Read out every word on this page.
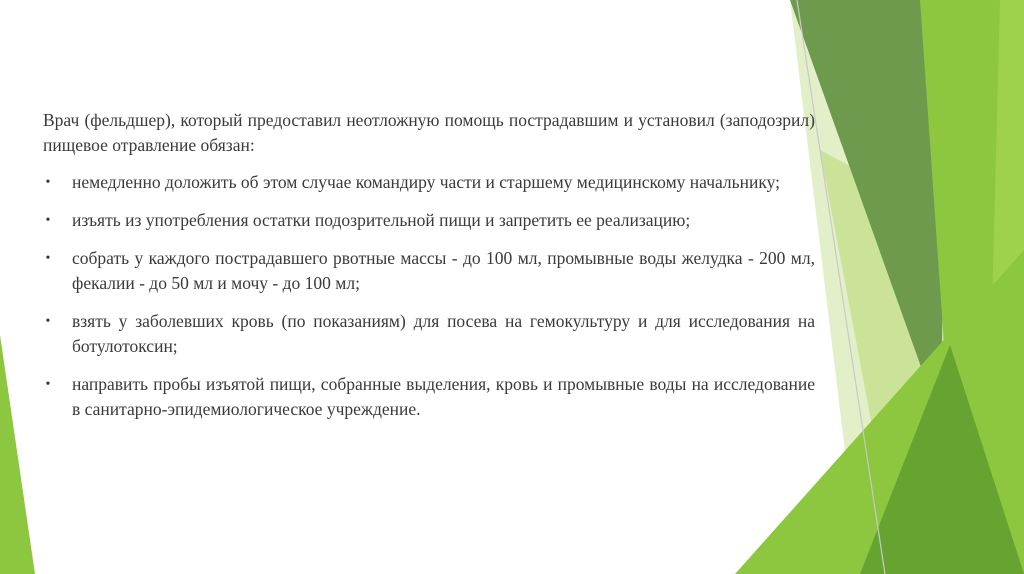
Врач (фельдшер), который предоставил неотложную помощь пострадавшим и установил (заподозрил) пищевое отравление обязан:

• немедленно доложить об этом случае командиру части и старшему медицинскому начальнику;
• изъять из употребления остатки подозрительной пищи и запретить ее реализацию;
• собрать у каждого пострадавшего рвотные массы - до 100 мл, промывные воды желудка - 200 мл, фекалии - до 50 мл и мочу - до 100 мл;
• взять у заболевших кровь (по показаниям) для посева на гемокультуру и для исследования на ботулотоксин;
• направить пробы изъятой пищи, собранные выделения, кровь и промывные воды на исследование в санитарно-эпидемиологическое учреждение.
